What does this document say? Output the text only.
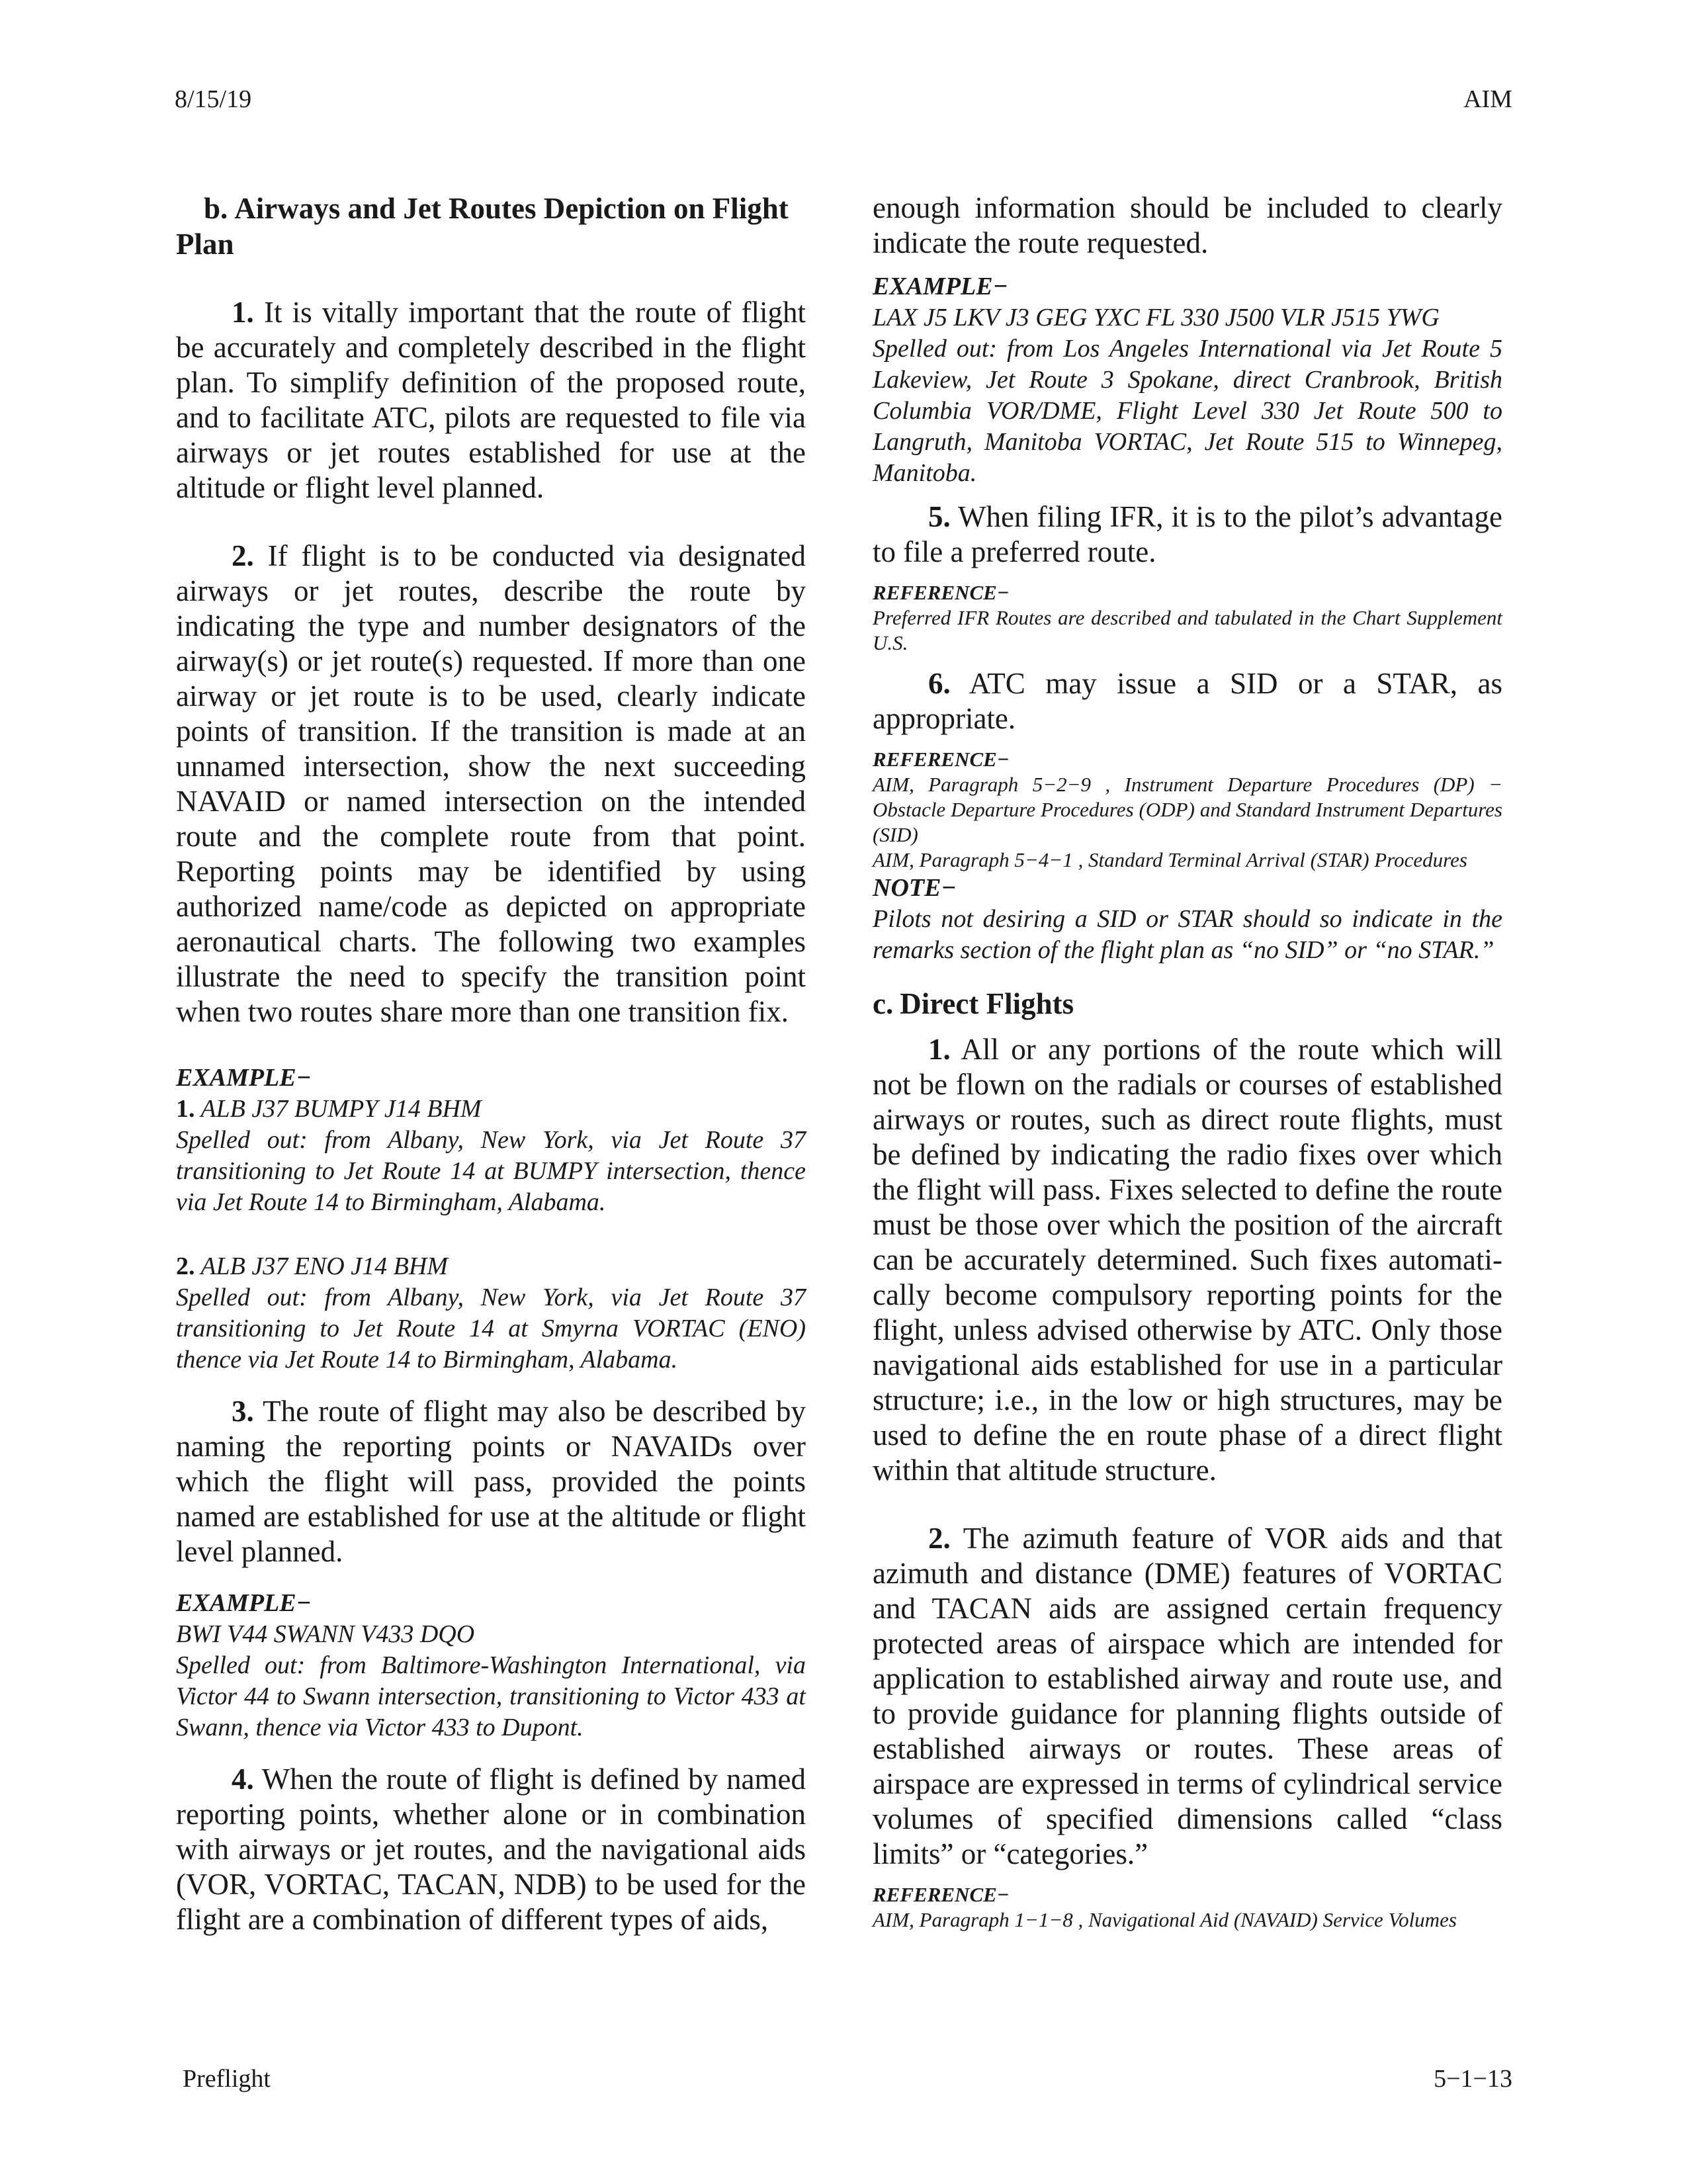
8/15/19	AIM

b. Airways and Jet Routes Depiction on Flight Plan

1. It is vitally important that the route of flight be accurately and completely described in the flight plan. To simplify definition of the proposed route, and to facilitate ATC, pilots are requested to file via airways or jet routes established for use at the altitude or flight level planned.

2. If flight is to be conducted via designated airways or jet routes, describe the route by indicating the type and number designators of the airway(s) or jet route(s) requested. If more than one airway or jet route is to be used, clearly indicate points of transition. If the transition is made at an unnamed intersection, show the next succeeding NAVAID or named intersection on the intended route and the complete route from that point. Reporting points may be identified by using authorized name/code as depicted on appropriate aeronautical charts. The following two examples illustrate the need to specify the transition point when two routes share more than one transition fix.

EXAMPLE−

1. ALB J37 BUMPY J14 BHM

Spelled out: from Albany, New York, via Jet Route 37 transitioning to Jet Route 14 at BUMPY intersection, thence via Jet Route 14 to Birmingham, Alabama.

2. ALB J37 ENO J14 BHM

Spelled out: from Albany, New York, via Jet Route 37 transitioning to Jet Route 14 at Smyrna VORTAC (ENO) thence via Jet Route 14 to Birmingham, Alabama.

3. The route of flight may also be described by naming the reporting points or NAVAIDs over which the flight will pass, provided the points named are established for use at the altitude or flight level planned.

EXAMPLE−

BWI V44 SWANN V433 DQO

Spelled out: from Baltimore-Washington International, via Victor 44 to Swann intersection, transitioning to Victor 433 at Swann, thence via Victor 433 to Dupont.

4. When the route of flight is defined by named reporting points, whether alone or in combination with airways or jet routes, and the navigational aids (VOR, VORTAC, TACAN, NDB) to be used for the flight are a combination of different types of aids,

enough information should be included to clearly indicate the route requested.

EXAMPLE−

LAX J5 LKV J3 GEG YXC FL 330 J500 VLR J515 YWG

Spelled out: from Los Angeles International via Jet Route 5 Lakeview, Jet Route 3 Spokane, direct Cranbrook, British Columbia VOR/DME, Flight Level 330 Jet Route 500 to Langruth, Manitoba VORTAC, Jet Route 515 to Winnepeg, Manitoba.

5. When filing IFR, it is to the pilot’s advantage to file a preferred route.

REFERENCE−

Preferred IFR Routes are described and tabulated in the Chart Supplement U.S.

6. ATC may issue a SID or a STAR, as appropriate.

REFERENCE−

AIM, Paragraph 5−2−9 , Instrument Departure Procedures (DP) − Obstacle Departure Procedures (ODP) and Standard Instrument Departures (SID)

AIM, Paragraph 5−4−1 , Standard Terminal Arrival (STAR) Procedures

NOTE−

Pilots not desiring a SID or STAR should so indicate in the remarks section of the flight plan as “no SID” or “no STAR.”

c. Direct Flights

1. All or any portions of the route which will not be flown on the radials or courses of established airways or routes, such as direct route flights, must be defined by indicating the radio fixes over which the flight will pass. Fixes selected to define the route must be those over which the position of the aircraft can be accurately determined. Such fixes automati-cally become compulsory reporting points for the flight, unless advised otherwise by ATC. Only those navigational aids established for use in a particular structure; i.e., in the low or high structures, may be used to define the en route phase of a direct flight within that altitude structure.

2. The azimuth feature of VOR aids and that azimuth and distance (DME) features of VORTAC and TACAN aids are assigned certain frequency protected areas of airspace which are intended for application to established airway and route use, and to provide guidance for planning flights outside of established airways or routes. These areas of airspace are expressed in terms of cylindrical service volumes of specified dimensions called “class limits” or “categories.”

REFERENCE−

AIM, Paragraph 1−1−8 , Navigational Aid (NAVAID) Service Volumes

Preflight	5−1−13
